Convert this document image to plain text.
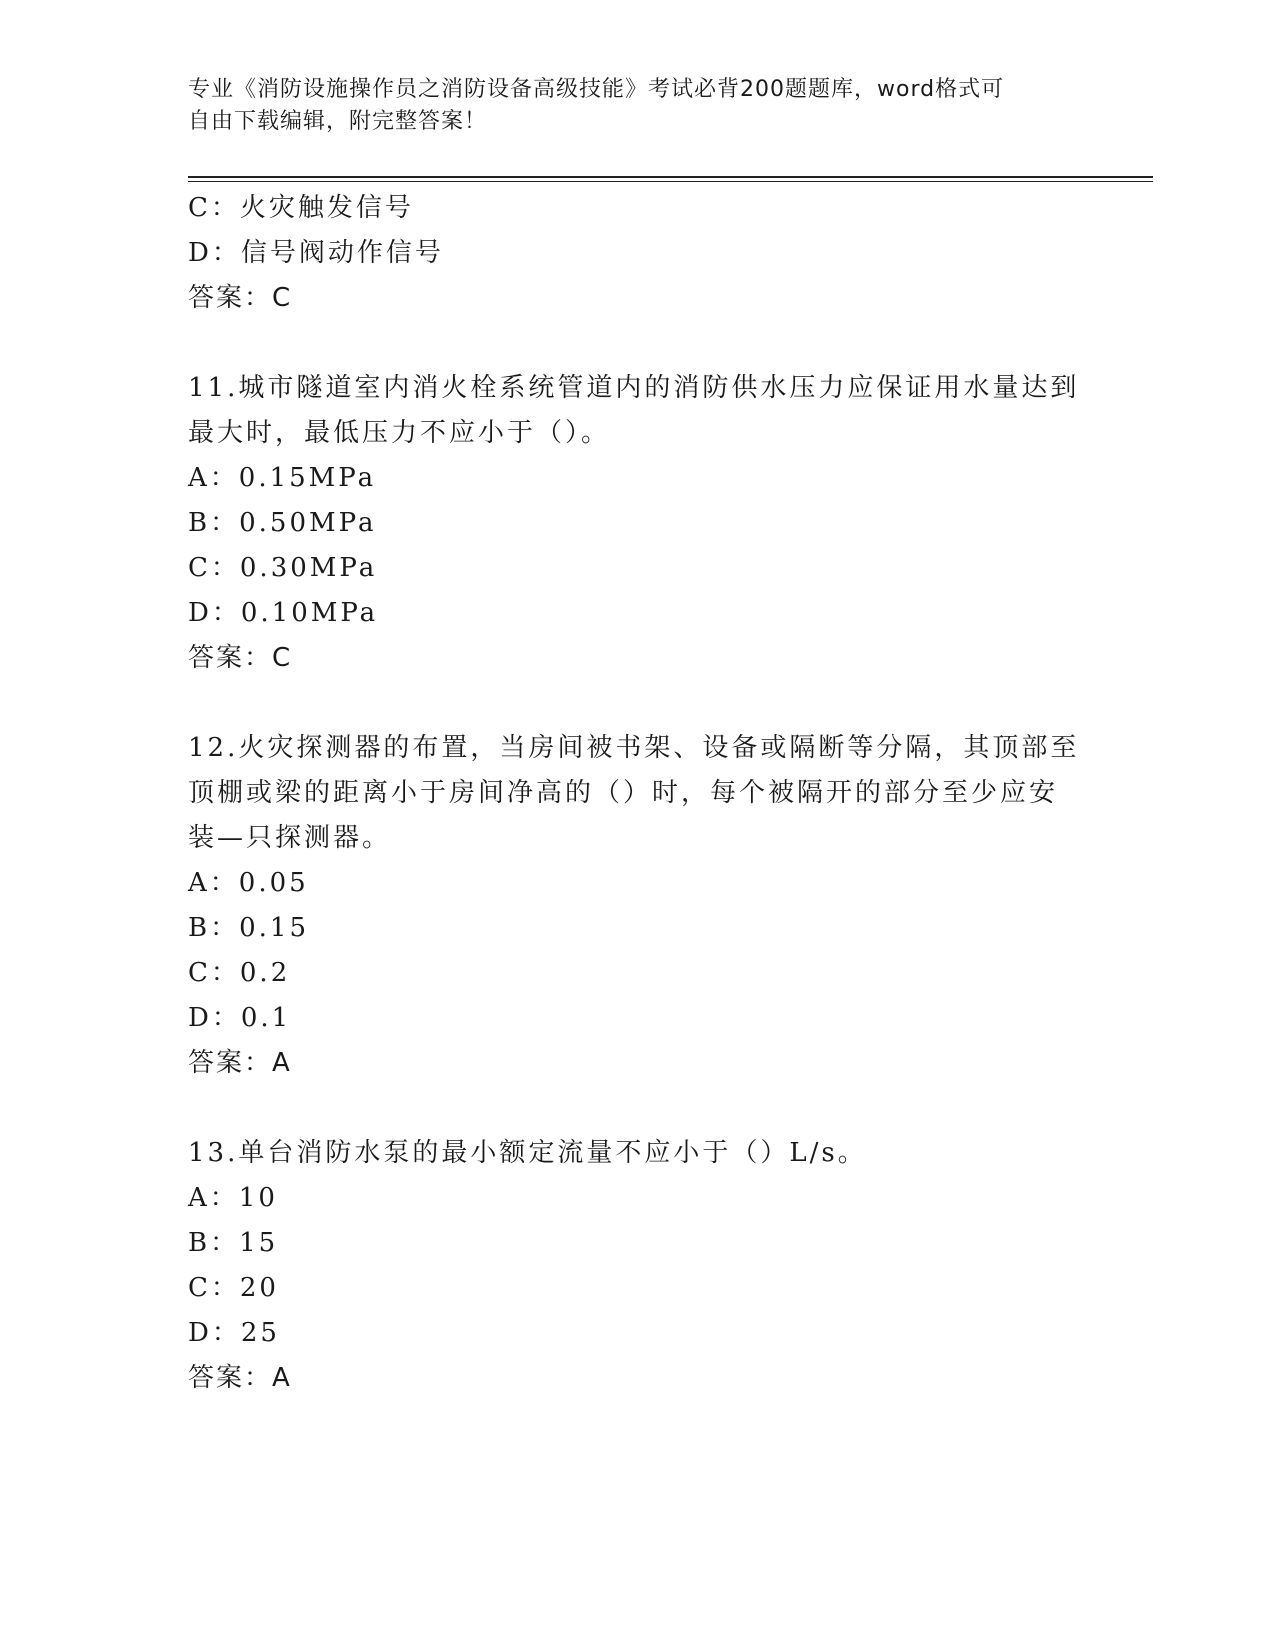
专业《消防设施操作员之消防设备高级技能》考试必背200题题库，word格式可
自由下载编辑，附完整答案！
C：火灾触发信号
D：信号阀动作信号
答案：C
11.城市隧道室内消火栓系统管道内的消防供水压力应保证用水量达到
最大时，最低压力不应小于（）。
A：0.15MPa
B：0.50MPa
C：0.30MPa
D：0.10MPa
答案：C
12.火灾探测器的布置，当房间被书架、设备或隔断等分隔，其顶部至
顶棚或梁的距离小于房间净高的（）时，每个被隔开的部分至少应安
装—只探测器。
A：0.05
B：0.15
C：0.2
D：0.1
答案：A
13.单台消防水泵的最小额定流量不应小于（）L/s。
A：10
B：15
C：20
D：25
答案：A
